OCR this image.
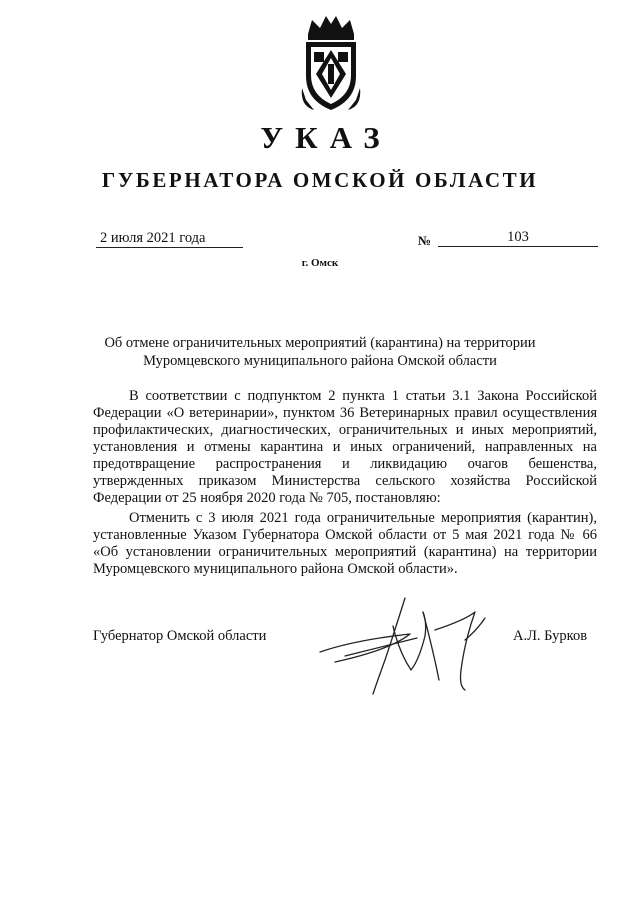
УКАЗ
ГУБЕРНАТОРА ОМСКОЙ ОБЛАСТИ
2 июля 2021 года	№	103
г. Омск
Об отмене ограничительных мероприятий (карантина) на территории
Муромцевского муниципального района Омской области
В соответствии с подпунктом 2 пункта 1 статьи 3.1 Закона Российской Федерации «О ветеринарии», пунктом 36 Ветеринарных правил осуществления профилактических, диагностических, ограничительных и иных мероприятий, установления и отмены карантина и иных ограничений, направленных на предотвращение распространения и ликвидацию очагов бешенства, утвержденных приказом Министерства сельского хозяйства Российской Федерации от 25 ноября 2020 года № 705, постановляю:
Отменить с 3 июля 2021 года ограничительные мероприятия (карантин), установленные Указом Губернатора Омской области от 5 мая 2021 года № 66 «Об установлении ограничительных мероприятий (карантина) на территории Муромцевского муниципального района Омской области».
Губернатор Омской области	А.Л. Бурков
